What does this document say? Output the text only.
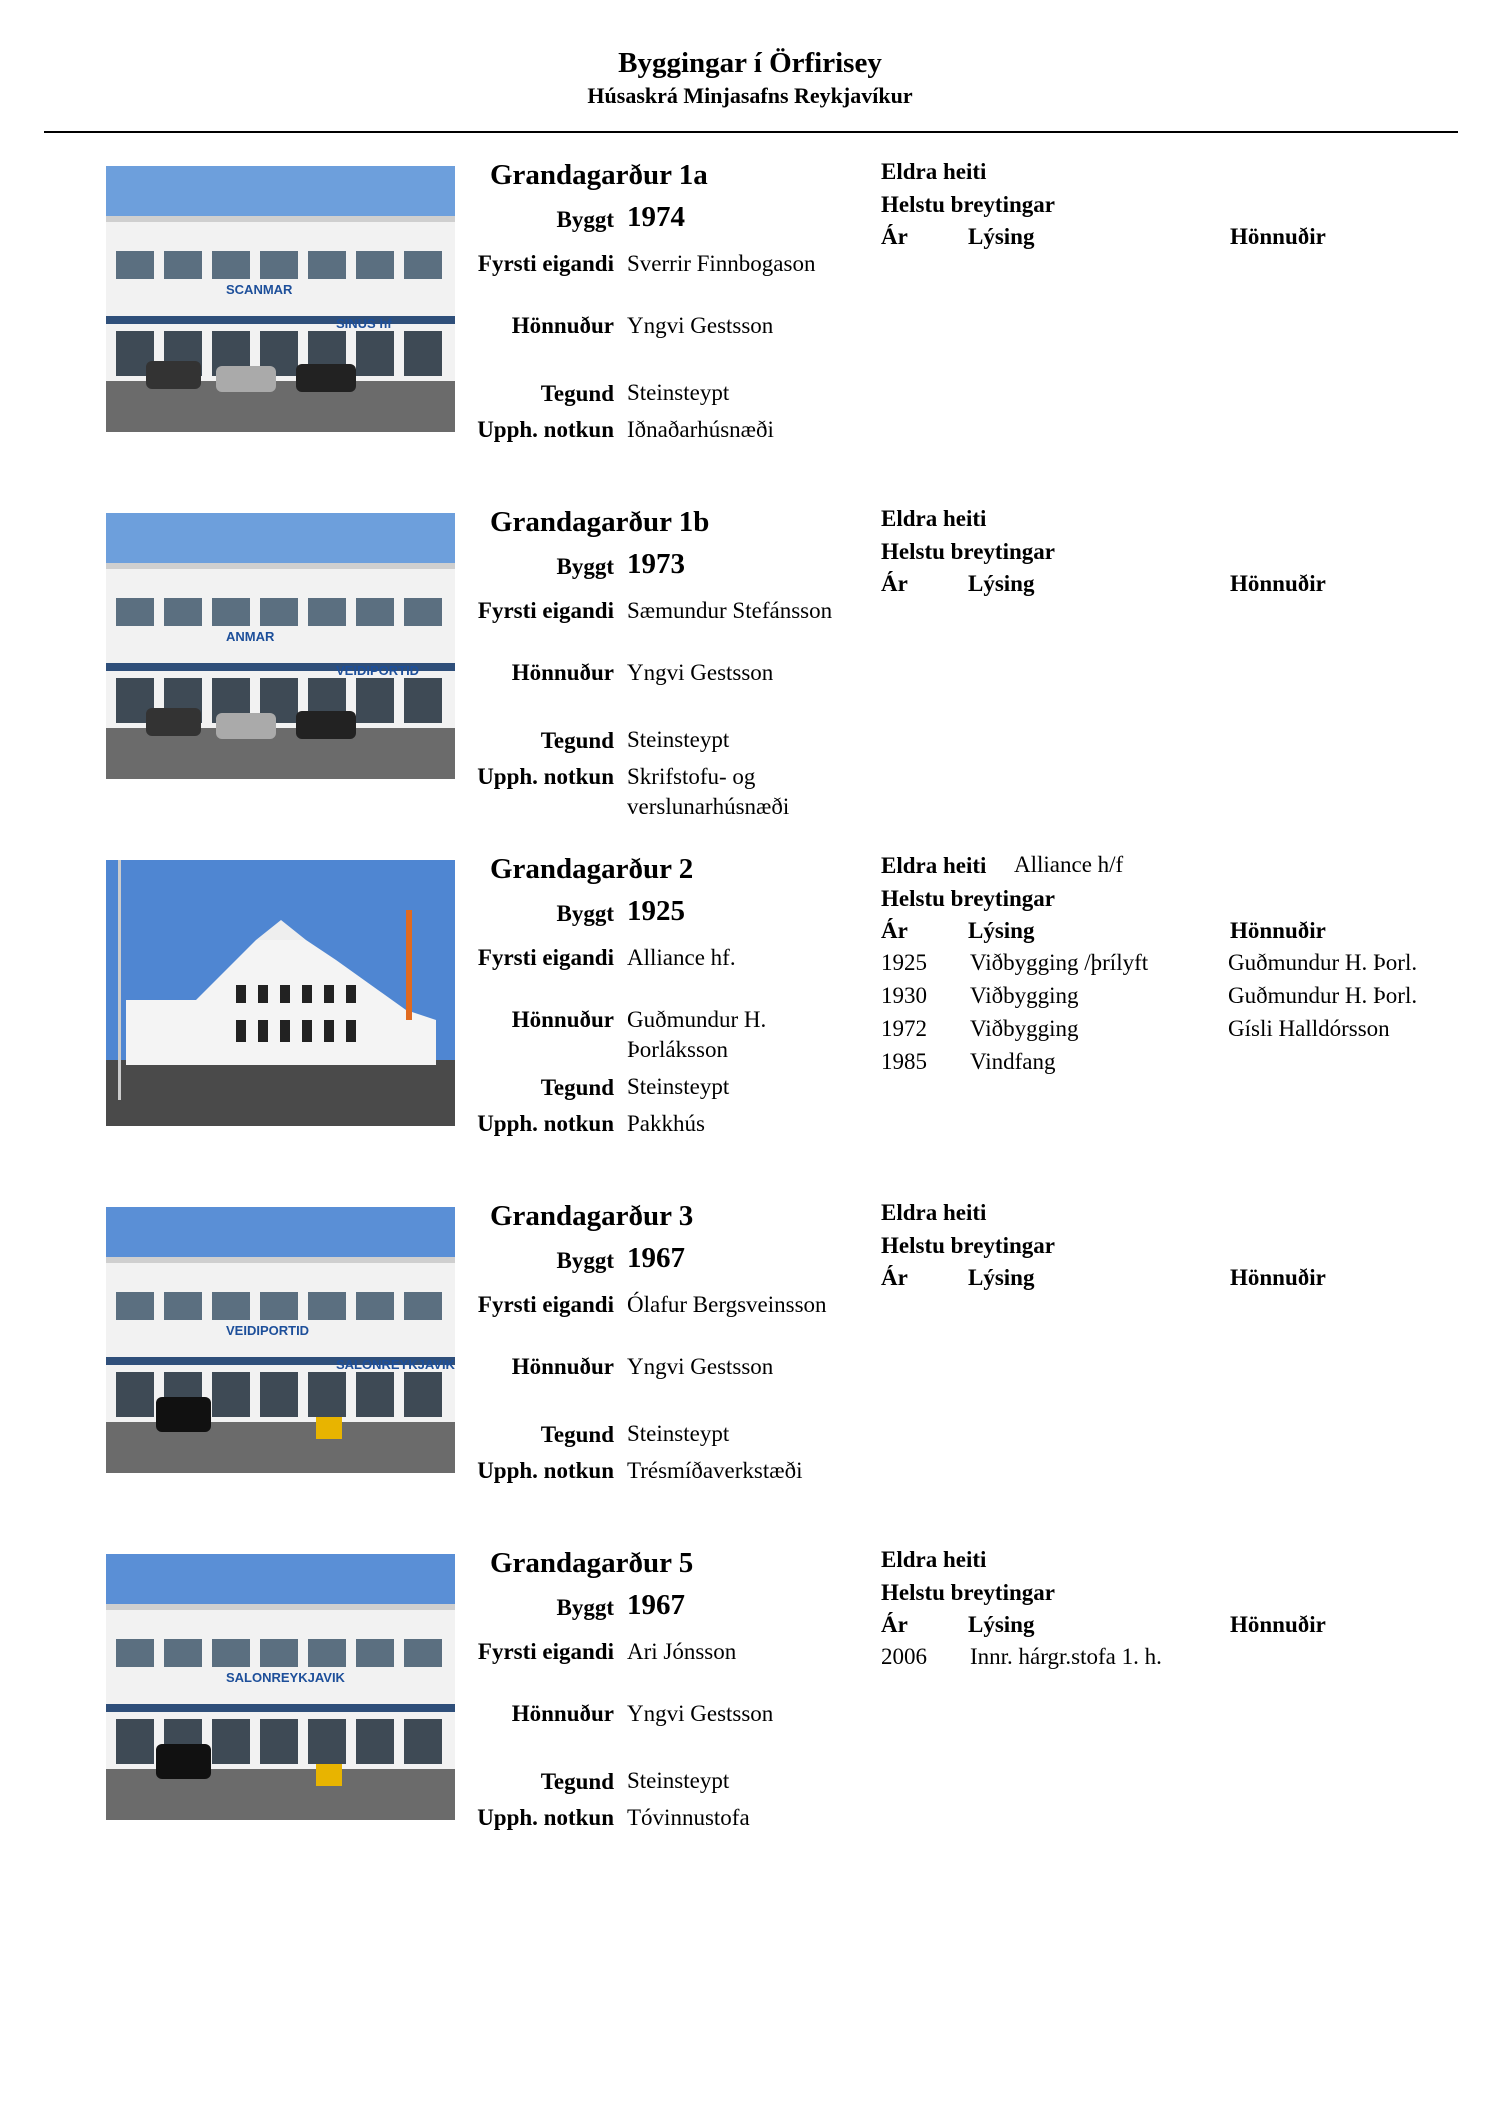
Byggingar í Örfirisey
Húsaskrá Minjasafns Reykjavíkur
SCANMAR
SINUS hf
Grandagarður 1a
Byggt 1974
Fyrsti eigandi Sverrir Finnbogason
Hönnuður Yngvi Gestsson
Tegund Steinsteypt
Upph. notkun Iðnaðarhúsnæði
Eldra heiti
Helstu breytingar
Ár	Lýsing	Hönnuðir
ANMAR
VEIDIPORTID
Grandagarður 1b
Byggt 1973
Fyrsti eigandi Sæmundur Stefánsson
Hönnuður Yngvi Gestsson
Tegund Steinsteypt
Upph. notkun Skrifstofu- og
verslunarhúsnæði
Eldra heiti
Helstu breytingar
Ár	Lýsing	Hönnuðir
Grandagarður 2
Byggt 1925
Fyrsti eigandi Alliance hf.
Hönnuður Guðmundur H.
Þorláksson
Tegund Steinsteypt
Upph. notkun Pakkhús
Eldra heiti Alliance h/f
Helstu breytingar
Ár	Lýsing	Hönnuðir
1925 Viðbygging /þrílyft	Guðmundur H. Þorl.
1930 Viðbygging	Guðmundur H. Þorl.
1972 Viðbygging	Gísli Halldórsson
1985 Vindfang
VEIDIPORTID
SALONREYKJAVIK
Grandagarður 3
Byggt 1967
Fyrsti eigandi Ólafur Bergsveinsson
Hönnuður Yngvi Gestsson
Tegund Steinsteypt
Upph. notkun Trésmíðaverkstæði
Eldra heiti
Helstu breytingar
Ár	Lýsing	Hönnuðir
SALONREYKJAVIK
Grandagarður 5
Byggt 1967
Fyrsti eigandi Ari Jónsson
Hönnuður Yngvi Gestsson
Tegund Steinsteypt
Upph. notkun Tóvinnustofa
Eldra heiti
Helstu breytingar
Ár	Lýsing	Hönnuðir
2006 Innr. hárgr.stofa 1. h.
